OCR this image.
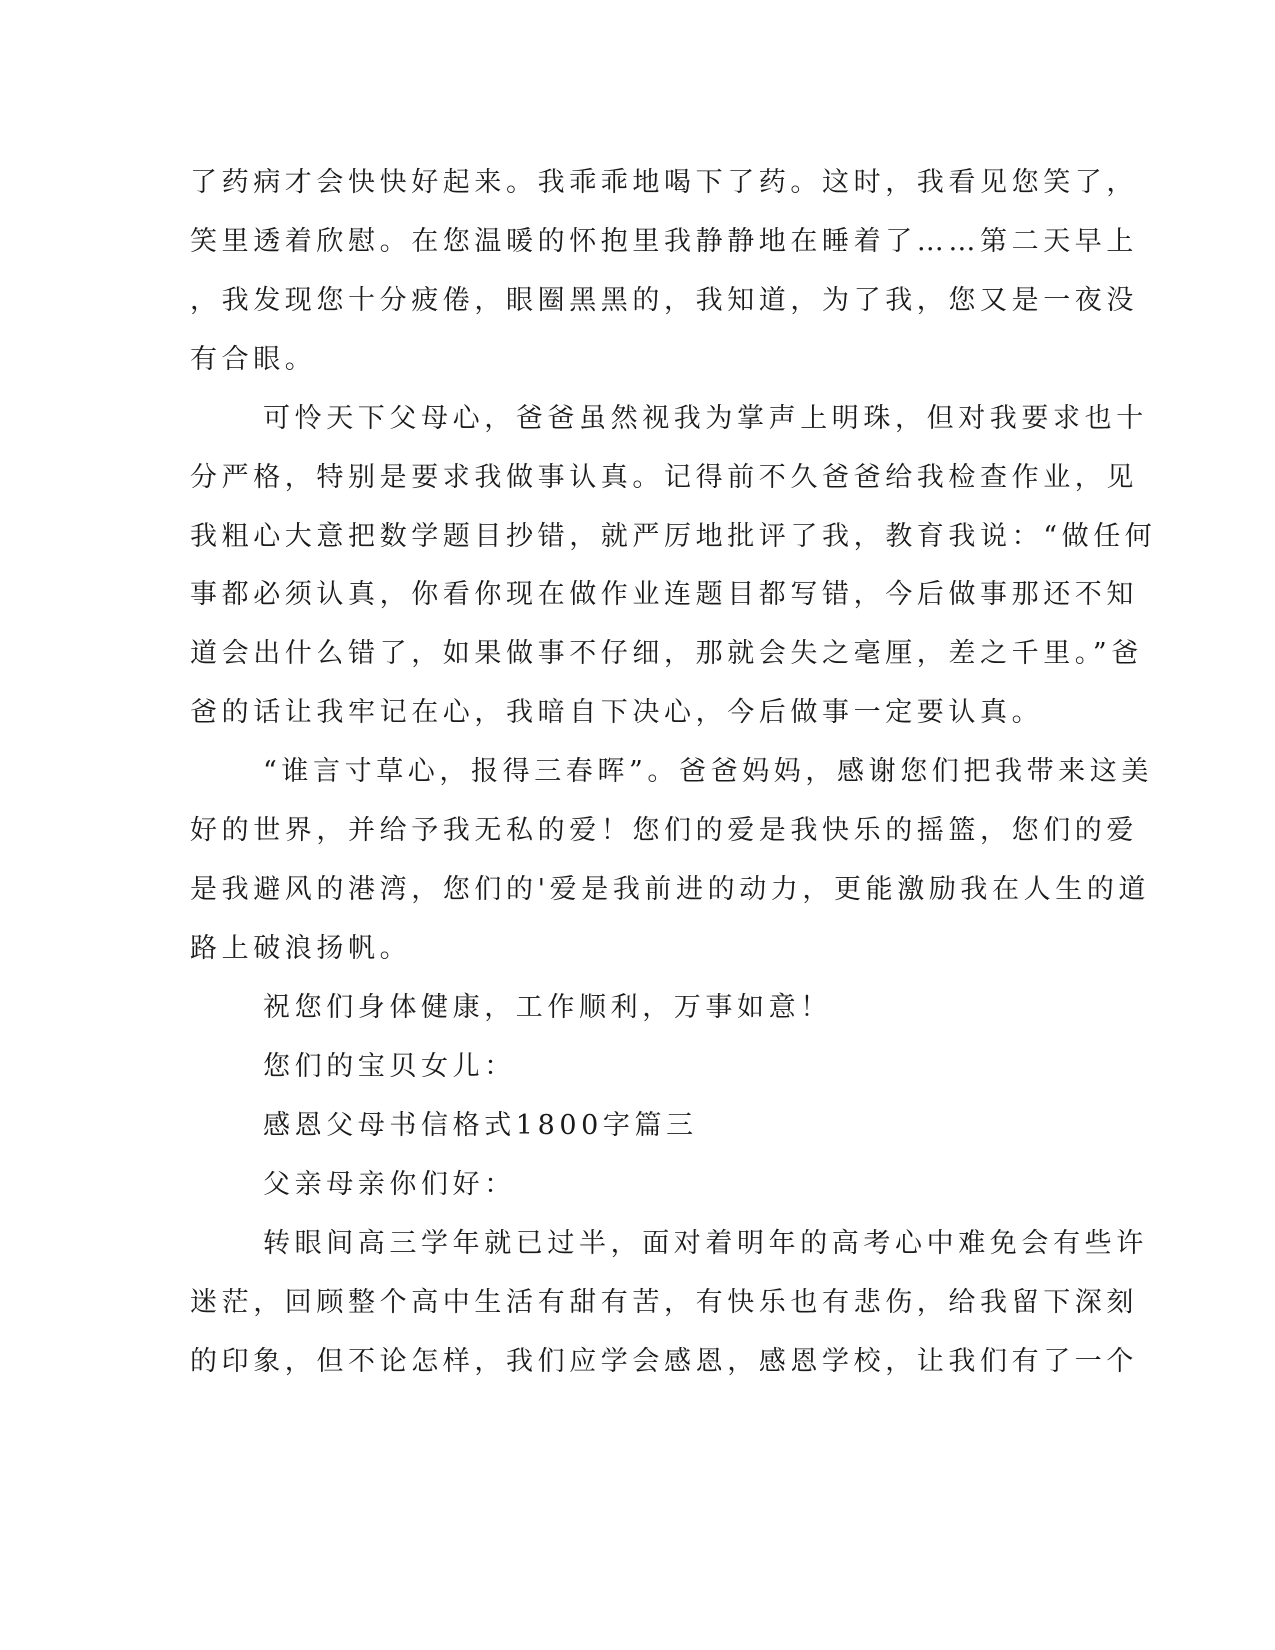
了药病才会快快好起来。我乖乖地喝下了药。这时，我看见您笑了，
笑里透着欣慰。在您温暖的怀抱里我静静地在睡着了……第二天早上
，我发现您十分疲倦，眼圈黑黑的，我知道，为了我，您又是一夜没
有合眼。
可怜天下父母心，爸爸虽然视我为掌声上明珠，但对我要求也十
分严格，特别是要求我做事认真。记得前不久爸爸给我检查作业，见
我粗心大意把数学题目抄错，就严厉地批评了我，教育我说：“做任何
事都必须认真，你看你现在做作业连题目都写错，今后做事那还不知
道会出什么错了，如果做事不仔细，那就会失之毫厘，差之千里。”爸
爸的话让我牢记在心，我暗自下决心，今后做事一定要认真。
“谁言寸草心，报得三春晖”。爸爸妈妈，感谢您们把我带来这美
好的世界，并给予我无私的爱！您们的爱是我快乐的摇篮，您们的爱
是我避风的港湾，您们的'爱是我前进的动力，更能激励我在人生的道
路上破浪扬帆。
祝您们身体健康，工作顺利，万事如意！
您们的宝贝女儿：
感恩父母书信格式1800字篇三
父亲母亲你们好：
转眼间高三学年就已过半，面对着明年的高考心中难免会有些许
迷茫，回顾整个高中生活有甜有苦，有快乐也有悲伤，给我留下深刻
的印象，但不论怎样，我们应学会感恩，感恩学校，让我们有了一个
